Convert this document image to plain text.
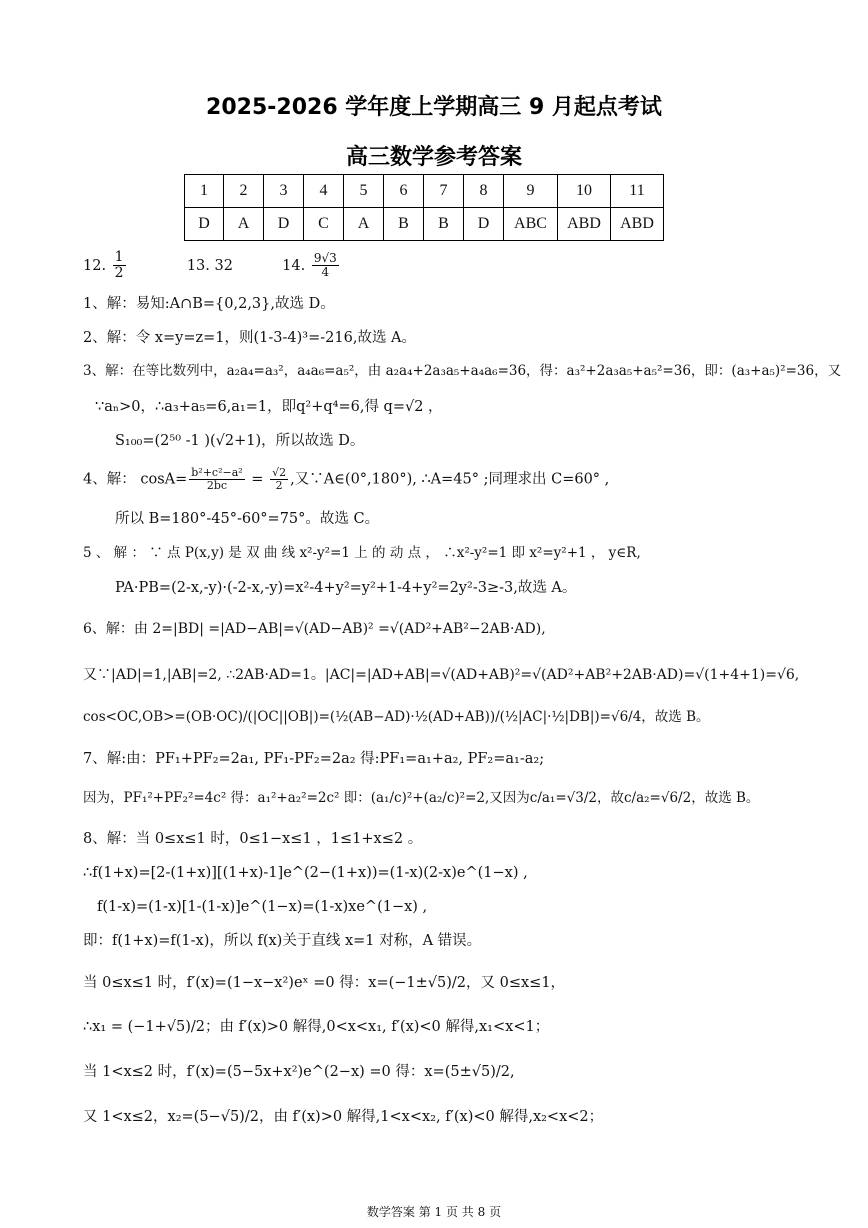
2025-2026 学年度上学期高三 9 月起点考试
高三数学参考答案
1	2	3	4	5	6	7	8	9	10	11
D	A	D	C	A	B	B	D	ABC	ABD	ABD
12. $\frac{1}{2}$	13. 32	14. $\frac{9√3}{4}$
1、解：易知:A∩B={0,2,3},故选 D。
2、解：令 x=y=z=1，则(1-3-4)³=-216,故选 A。
3、解：在等比数列中，a₂a₄=a₃²，a₄a₆=a₅²，由 a₂a₄+2a₃a₅+a₄a₆=36，得：a₃²+2a₃a₅+a₅²=36，即：(a₃+a₅)²=36，又
∵aₙ>0，∴a₃+a₅=6,a₁=1，即q²+q⁴=6,得 q=√2 ，
S₁₀₀=(2⁵⁰ -1 )(√2+1)，所以故选 D。
4、解： $\cos A= \frac{\text{b²+c²−a²}}{2bc} = \frac{√2}{2}$ ,又∵A∈(0°,180°), ∴A=45° ;同理求出 C=60° ,
所以 B=180°-45°-60°=75°。故选 C。
5 、 解 ： ∵ 点 P(x,y) 是 双 曲 线 x²-y²=1 上 的 动 点 ， ∴x²-y²=1 即 x²=y²+1 ， y∈R,
PA·PB=(2-x,-y)·(-2-x,-y)=x²-4+y²=y²+1-4+y²=2y²-3≥-3,故选 A。
6、解：由 2=|BD| =|AD−AB|=√(AD−AB)² =√(AD²+AB²−2AB·AD),
又∵|AD|=1,|AB|=2, ∴2AB·AD=1。|AC|=|AD+AB|=√(AD+AB)²=√(AD²+AB²+2AB·AD)=√(1+4+1)=√6,
cos<OC,OB>=(OB·OC)/(|OC||OB|)=(½(AB−AD)·½(AD+AB))/(½|AC|·½|DB|)=√6/4，故选 B。
7、解:由：PF₁+PF₂=2a₁, PF₁-PF₂=2a₂ 得:PF₁=a₁+a₂, PF₂=a₁-a₂;
因为，PF₁²+PF₂²=4c² 得：a₁²+a₂²=2c² 即：(a₁/c)²+(a₂/c)²=2,又因为c/a₁=√3/2，故c/a₂=√6/2，故选 B。
8、解：当 0≤x≤1 时，0≤1−x≤1 ，1≤1+x≤2 。
∴f(1+x)=[2-(1+x)][(1+x)-1]e^(2−(1+x))=(1-x)(2-x)e^(1−x) ,
f(1-x)=(1-x)[1-(1-x)]e^(1−x)=(1-x)xe^(1−x) ,
即：f(1+x)=f(1-x)，所以 f(x)关于直线 x=1 对称，A 错误。
当 0≤x≤1 时，f′(x)=(1−x−x²)eˣ =0 得：x=(−1±√5)/2，又 0≤x≤1，
∴x₁ = (−1+√5)/2；由 f′(x)>0 解得,0<x<x₁, f′(x)<0 解得,x₁<x<1；
当 1<x≤2 时，f′(x)=(5−5x+x²)e^(2−x) =0 得：x=(5±√5)/2,
又 1<x≤2，x₂=(5−√5)/2，由 f′(x)>0 解得,1<x<x₂, f′(x)<0 解得,x₂<x<2；
数学答案 第 1 页 共 8 页
